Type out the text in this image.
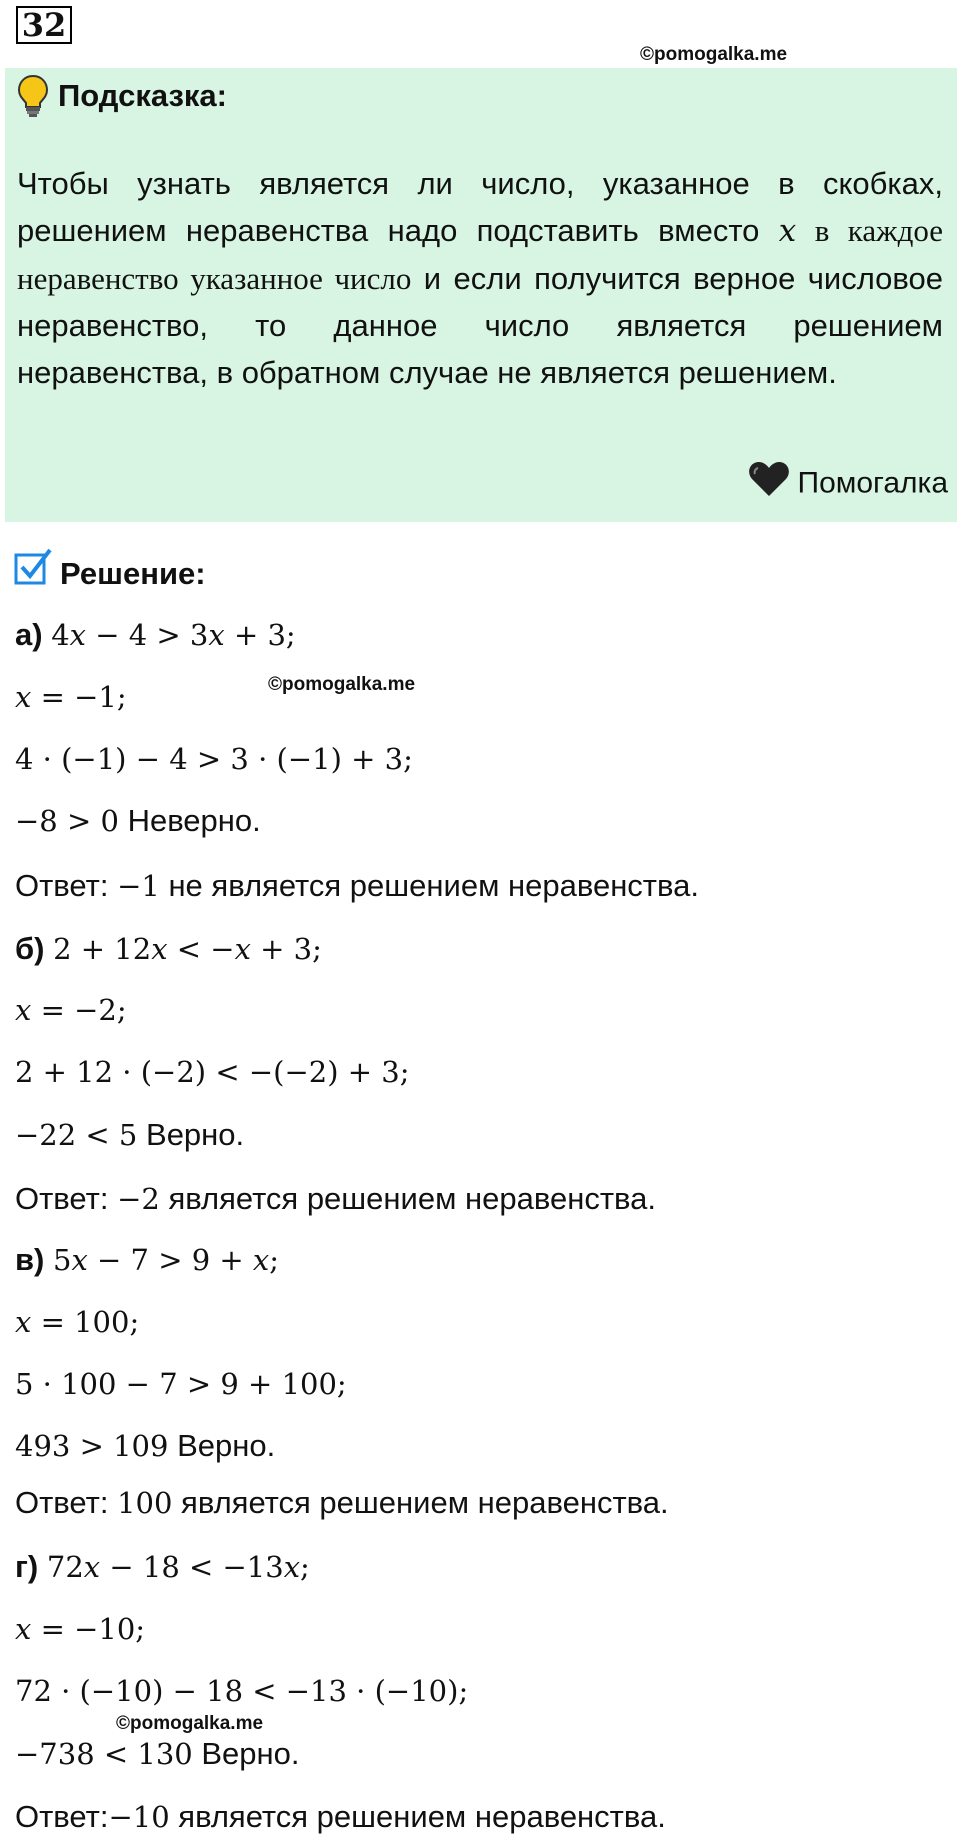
32
©pomogalka.me
Подсказка:

Чтобы узнать является ли число, указанное в скобках, решением неравенства надо подставить вместо x в каждое неравенство указанное число и если получится верное числовое неравенство, то данное число является решением неравенства, в обратном случае не является решением.

Помогалка
Решение:
а) 4𝑥 − 4 > 3𝑥 + 3;
𝑥 = −1;	©pomogalka.me
4 · (−1) − 4 > 3 · (−1) + 3;
−8 > 0 Неверно.
Ответ: −1 не является решением неравенства.
б) 2 + 12𝑥 < −𝑥 + 3;
𝑥 = −2;
2 + 12 · (−2) < −(−2) + 3;
−22 < 5 Верно.
Ответ: −2 является решением неравенства.
в) 5𝑥 − 7 > 9 + 𝑥;
𝑥 = 100;
5 · 100 − 7 > 9 + 100;
493 > 109 Верно.
Ответ: 100 является решением неравенства.
г) 72𝑥 − 18 < −13𝑥;
𝑥 = −10;
72 · (−10) − 18 < −13 · (−10);
©pomogalka.me
−738 < 130 Верно.
Ответ:−10 является решением неравенства.
